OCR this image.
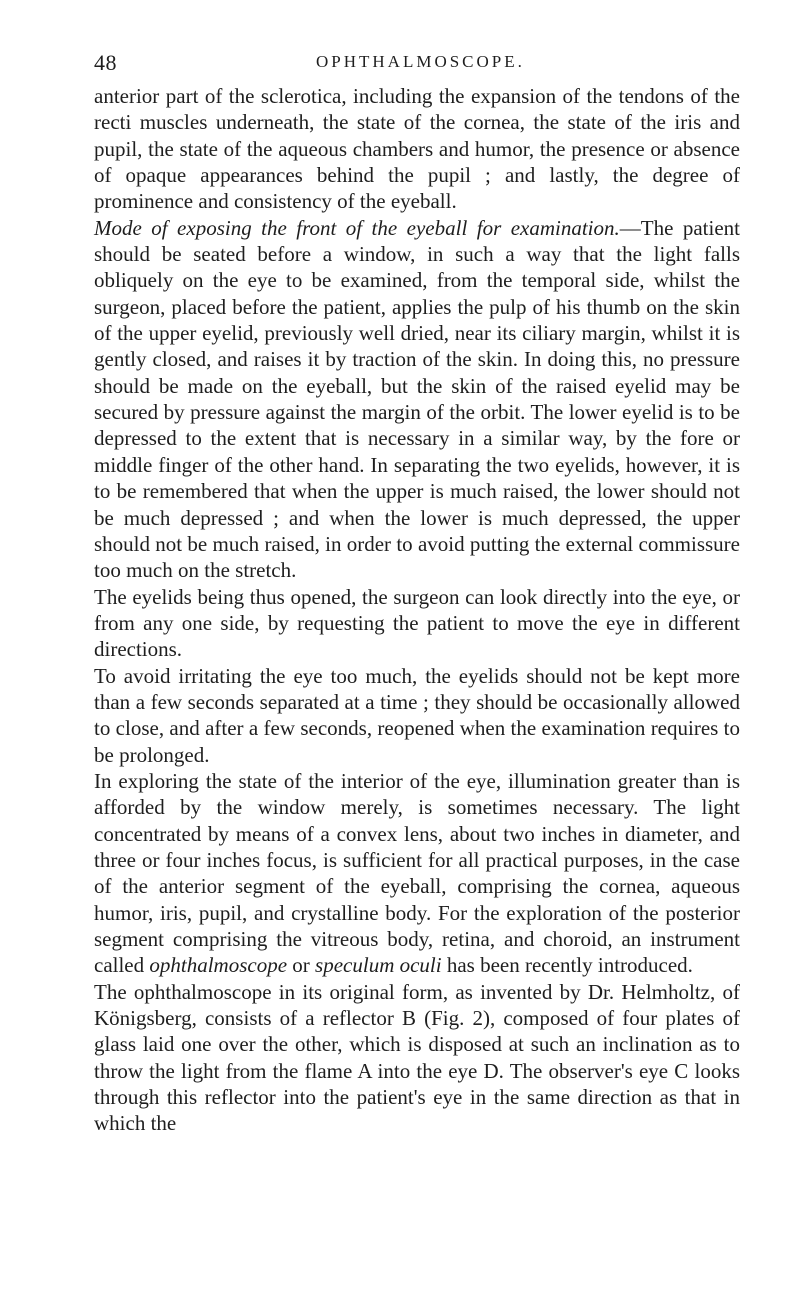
48	OPHTHALMOSCOPE.

anterior part of the sclerotica, including the expansion of the tendons of the recti muscles underneath, the state of the cornea, the state of the iris and pupil, the state of the aqueous chambers and humor, the presence or absence of opaque appearances behind the pupil ; and lastly, the degree of prominence and consistency of the eyeball.

Mode of exposing the front of the eyeball for examination.—The patient should be seated before a window, in such a way that the light falls obliquely on the eye to be examined, from the temporal side, whilst the surgeon, placed before the patient, applies the pulp of his thumb on the skin of the upper eyelid, previously well dried, near its ciliary margin, whilst it is gently closed, and raises it by traction of the skin. In doing this, no pressure should be made on the eyeball, but the skin of the raised eyelid may be secured by pressure against the margin of the orbit. The lower eyelid is to be depressed to the extent that is necessary in a similar way, by the fore or middle finger of the other hand. In separating the two eyelids, however, it is to be remembered that when the upper is much raised, the lower should not be much depressed ; and when the lower is much depressed, the upper should not be much raised, in order to avoid putting the external commissure too much on the stretch.

The eyelids being thus opened, the surgeon can look directly into the eye, or from any one side, by requesting the patient to move the eye in different directions.

To avoid irritating the eye too much, the eyelids should not be kept more than a few seconds separated at a time ; they should be occasionally allowed to close, and after a few seconds, reopened when the examination requires to be prolonged.

In exploring the state of the interior of the eye, illumination greater than is afforded by the window merely, is sometimes necessary. The light concentrated by means of a convex lens, about two inches in diameter, and three or four inches focus, is sufficient for all practical purposes, in the case of the anterior segment of the eyeball, comprising the cornea, aqueous humor, iris, pupil, and crystalline body. For the exploration of the posterior segment comprising the vitreous body, retina, and choroid, an instrument called ophthalmoscope or speculum oculi has been recently introduced.

The ophthalmoscope in its original form, as invented by Dr. Helmholtz, of Königsberg, consists of a reflector B (Fig. 2), composed of four plates of glass laid one over the other, which is disposed at such an inclination as to throw the light from the flame A into the eye D. The observer's eye C looks through this reflector into the patient's eye in the same direction as that in which the
